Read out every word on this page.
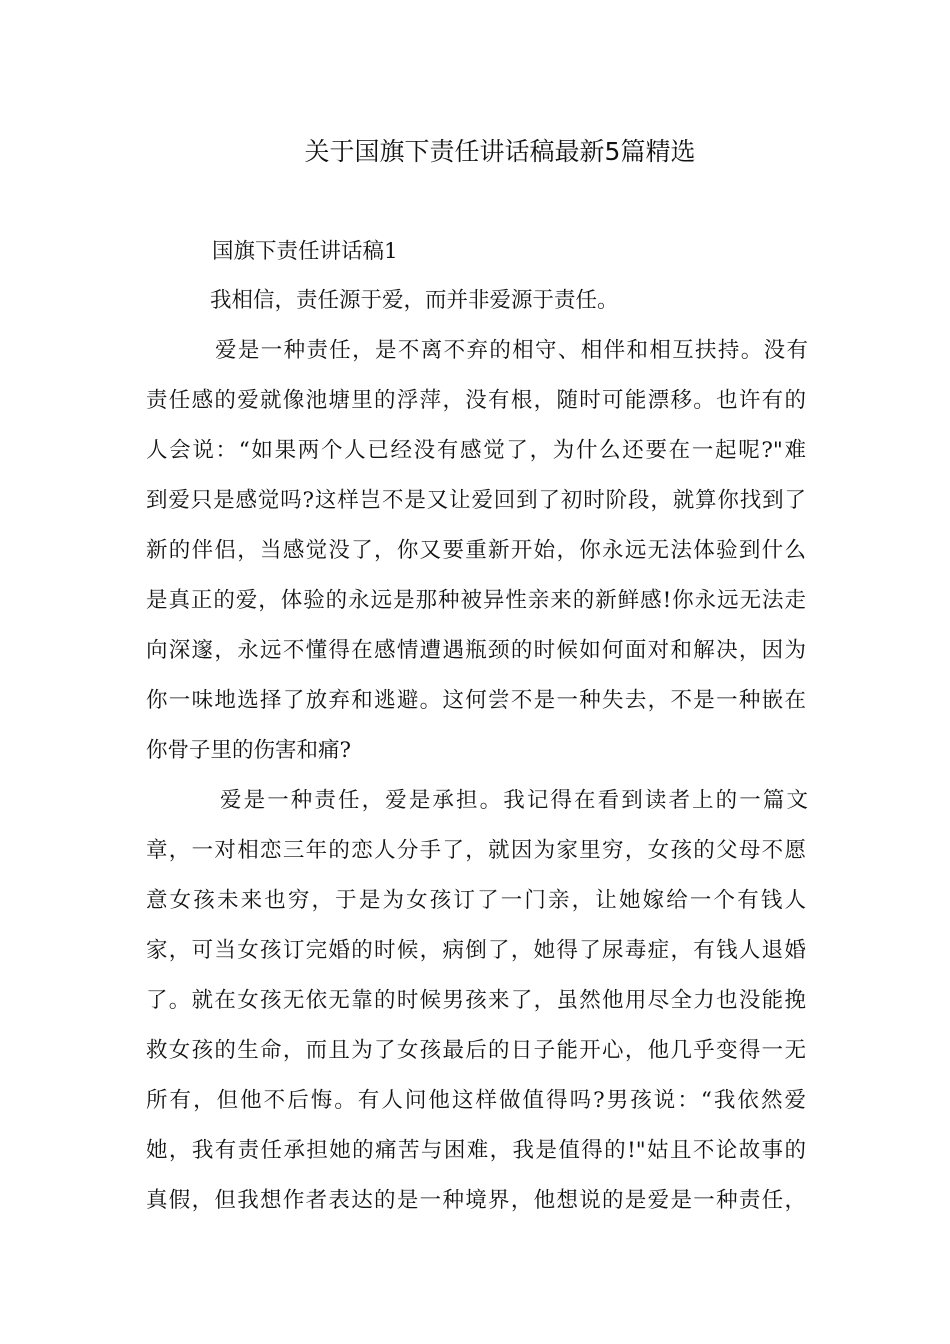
关于国旗下责任讲话稿最新5篇精选
国旗下责任讲话稿1
我相信，责任源于爱，而并非爱源于责任。
爱是一种责任，是不离不弃的相守、相伴和相互扶持。没有
责任感的爱就像池塘里的浮萍，没有根，随时可能漂移。也许有的
人会说：“如果两个人已经没有感觉了，为什么还要在一起呢?"难
到爱只是感觉吗?这样岂不是又让爱回到了初时阶段，就算你找到了
新的伴侣，当感觉没了，你又要重新开始，你永远无法体验到什么
是真正的爱，体验的永远是那种被异性亲来的新鲜感!你永远无法走
向深邃，永远不懂得在感情遭遇瓶颈的时候如何面对和解决，因为
你一味地选择了放弃和逃避。这何尝不是一种失去，不是一种嵌在
你骨子里的伤害和痛?
爱是一种责任，爱是承担。我记得在看到读者上的一篇文
章，一对相恋三年的恋人分手了，就因为家里穷，女孩的父母不愿
意女孩未来也穷，于是为女孩订了一门亲，让她嫁给一个有钱人
家，可当女孩订完婚的时候，病倒了，她得了尿毒症，有钱人退婚
了。就在女孩无依无靠的时候男孩来了，虽然他用尽全力也没能挽
救女孩的生命，而且为了女孩最后的日子能开心，他几乎变得一无
所有，但他不后悔。有人问他这样做值得吗?男孩说：“我依然爱
她，我有责任承担她的痛苦与困难，我是值得的!"姑且不论故事的
真假，但我想作者表达的是一种境界，他想说的是爱是一种责任，
